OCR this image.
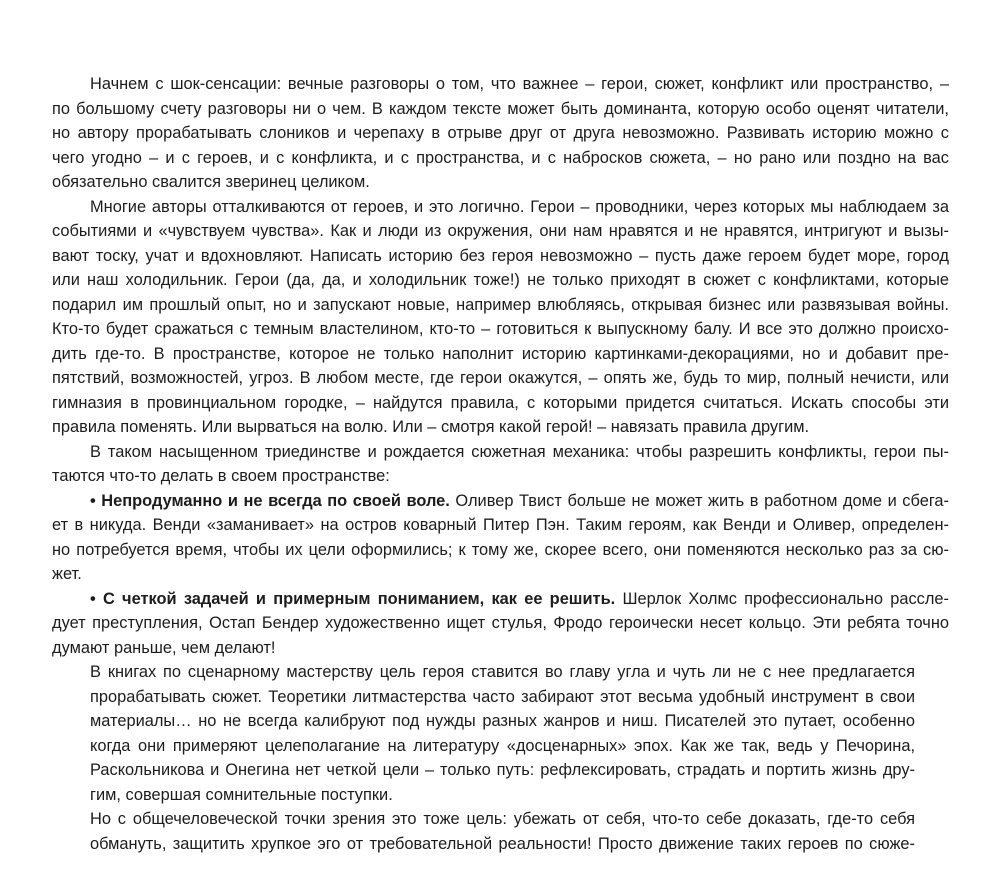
Начнем с шок-сенсации: вечные разговоры о том, что важнее – герои, сюжет, конфликт или пространство, –
по большому счету разговоры ни о чем. В каждом тексте может быть доминанта, которую особо оценят читатели,
но автору прорабатывать слоников и черепаху в отрыве друг от друга невозможно. Развивать историю можно с
чего угодно – и с героев, и с конфликта, и с пространства, и с набросков сюжета, – но рано или поздно на вас
обязательно свалится зверинец целиком.
Многие авторы отталкиваются от героев, и это логично. Герои – проводники, через которых мы наблюдаем за
событиями и «чувствуем чувства». Как и люди из окружения, они нам нравятся и не нравятся, интригуют и вызы-
вают тоску, учат и вдохновляют. Написать историю без героя невозможно – пусть даже героем будет море, город
или наш холодильник. Герои (да, да, и холодильник тоже!) не только приходят в сюжет с конфликтами, которые
подарил им прошлый опыт, но и запускают новые, например влюбляясь, открывая бизнес или развязывая войны.
Кто-то будет сражаться с темным властелином, кто-то – готовиться к выпускному балу. И все это должно происхо-
дить где-то. В пространстве, которое не только наполнит историю картинками-декорациями, но и добавит пре-
пятствий, возможностей, угроз. В любом месте, где герои окажутся, – опять же, будь то мир, полный нечисти, или
гимназия в провинциальном городке, – найдутся правила, с которыми придется считаться. Искать способы эти
правила поменять. Или вырваться на волю. Или – смотря какой герой! – навязать правила другим.
В таком насыщенном триединстве и рождается сюжетная механика: чтобы разрешить конфликты, герои пы-
таются что-то делать в своем пространстве:
• Непродуманно и не всегда по своей воле. Оливер Твист больше не может жить в работном доме и сбега-
ет в никуда. Венди «заманивает» на остров коварный Питер Пэн. Таким героям, как Венди и Оливер, определен-
но потребуется время, чтобы их цели оформились; к тому же, скорее всего, они поменяются несколько раз за сю-
жет.
• С четкой задачей и примерным пониманием, как ее решить. Шерлок Холмс профессионально рассле-
дует преступления, Остап Бендер художественно ищет стулья, Фродо героически несет кольцо. Эти ребята точно
думают раньше, чем делают!
В книгах по сценарному мастерству цель героя ставится во главу угла и чуть ли не с нее предлагается
прорабатывать сюжет. Теоретики литмастерства часто забирают этот весьма удобный инструмент в свои
материалы… но не всегда калибруют под нужды разных жанров и ниш. Писателей это путает, особенно
когда они примеряют целеполагание на литературу «досценарных» эпох. Как же так, ведь у Печорина,
Раскольникова и Онегина нет четкой цели – только путь: рефлексировать, страдать и портить жизнь дру-
гим, совершая сомнительные поступки.
Но с общечеловеческой точки зрения это тоже цель: убежать от себя, что-то себе доказать, где-то себя
обмануть, защитить хрупкое эго от требовательной реальности! Просто движение таких героев по сюже-
